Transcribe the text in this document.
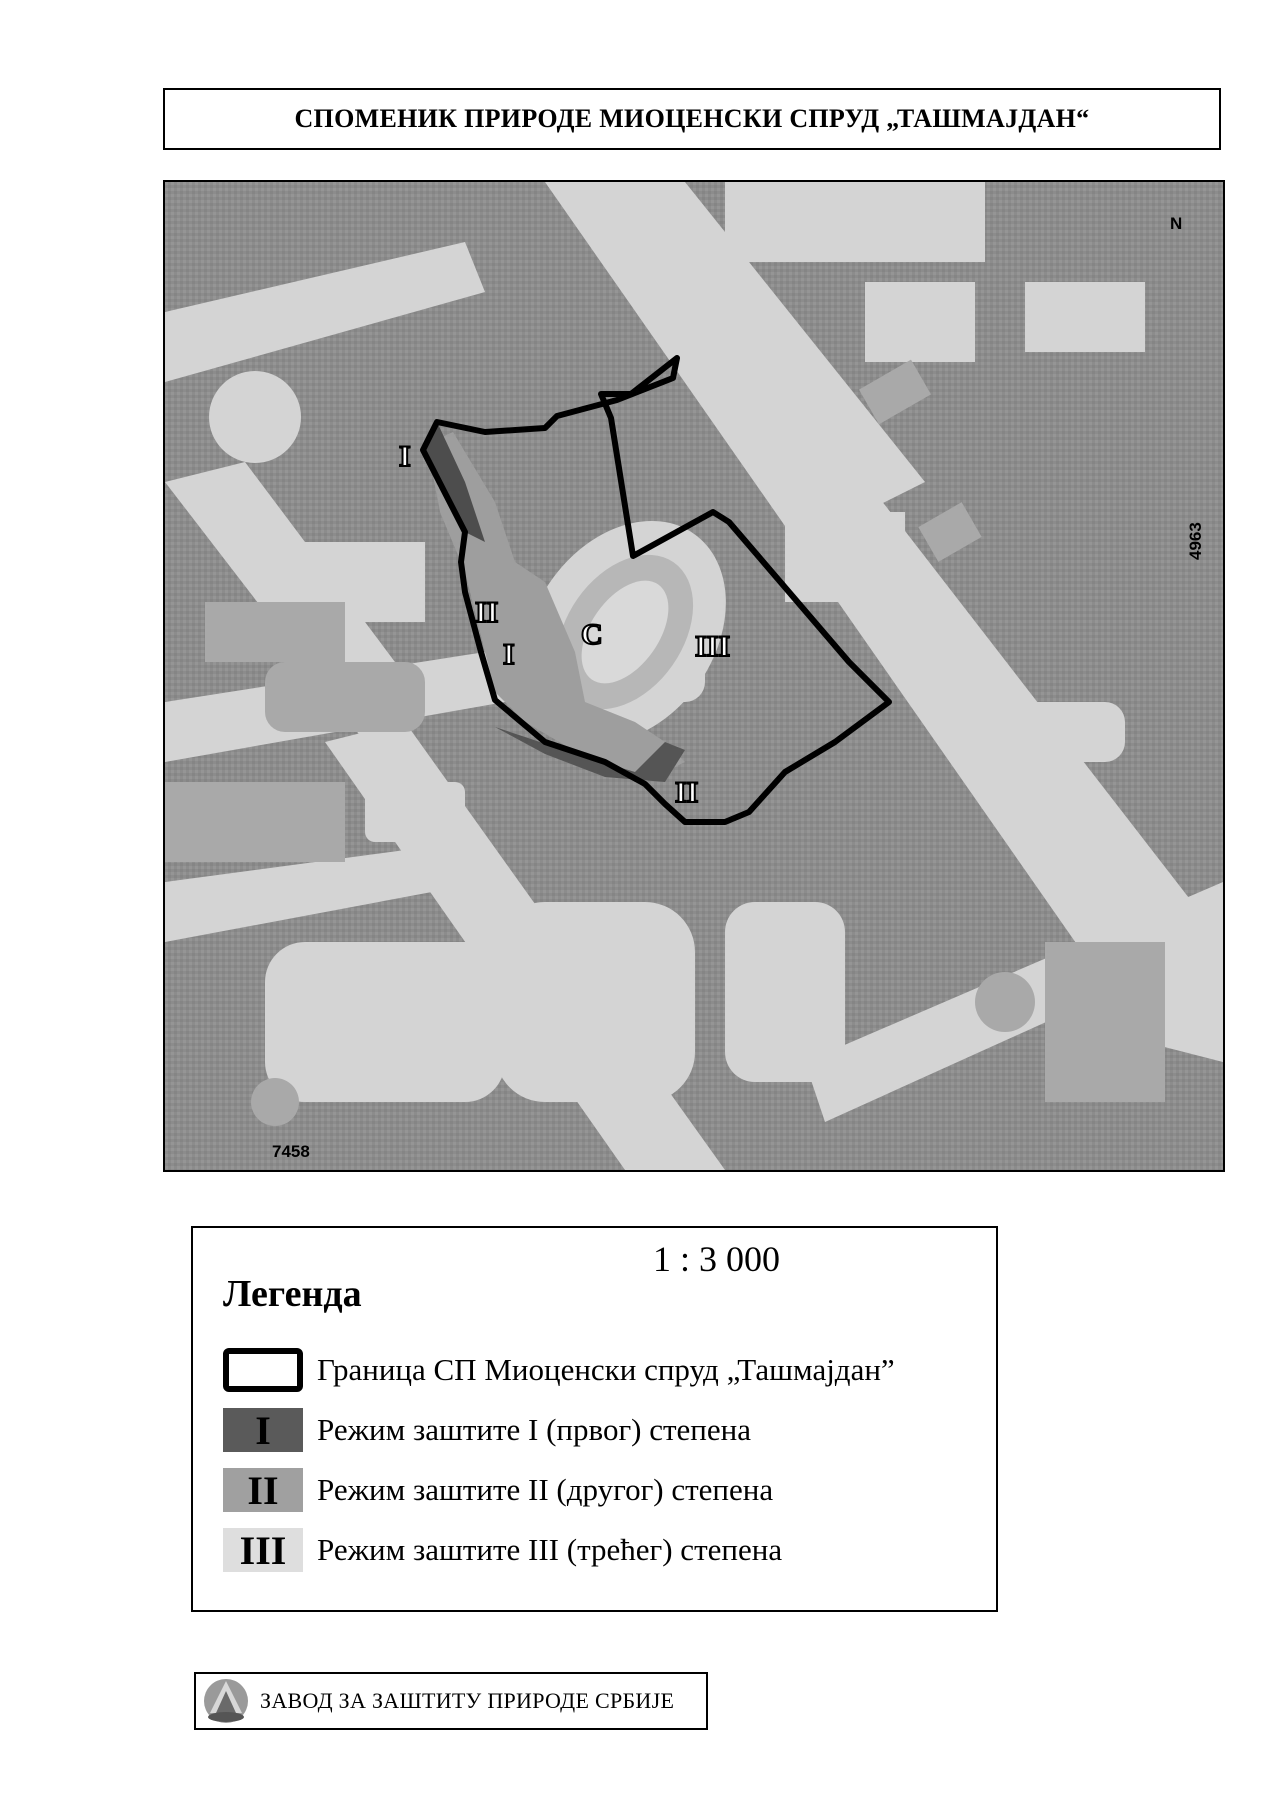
СПОМЕНИК ПРИРОДЕ МИОЦЕНСКИ СПРУД „ТАШМАЈДАН“
I
II
I
II
III
C
N
4963
7458
1 : 3 000
Легенда
Граница СП Миоценски спруд „Ташмајдан”
I	Режим заштите I (првог) степена
II	Режим заштите II (другог) степена
III Режим заштите III (трећег) степена
ЗАВОД ЗА ЗАШТИТУ ПРИРОДЕ СРБИЈЕ
